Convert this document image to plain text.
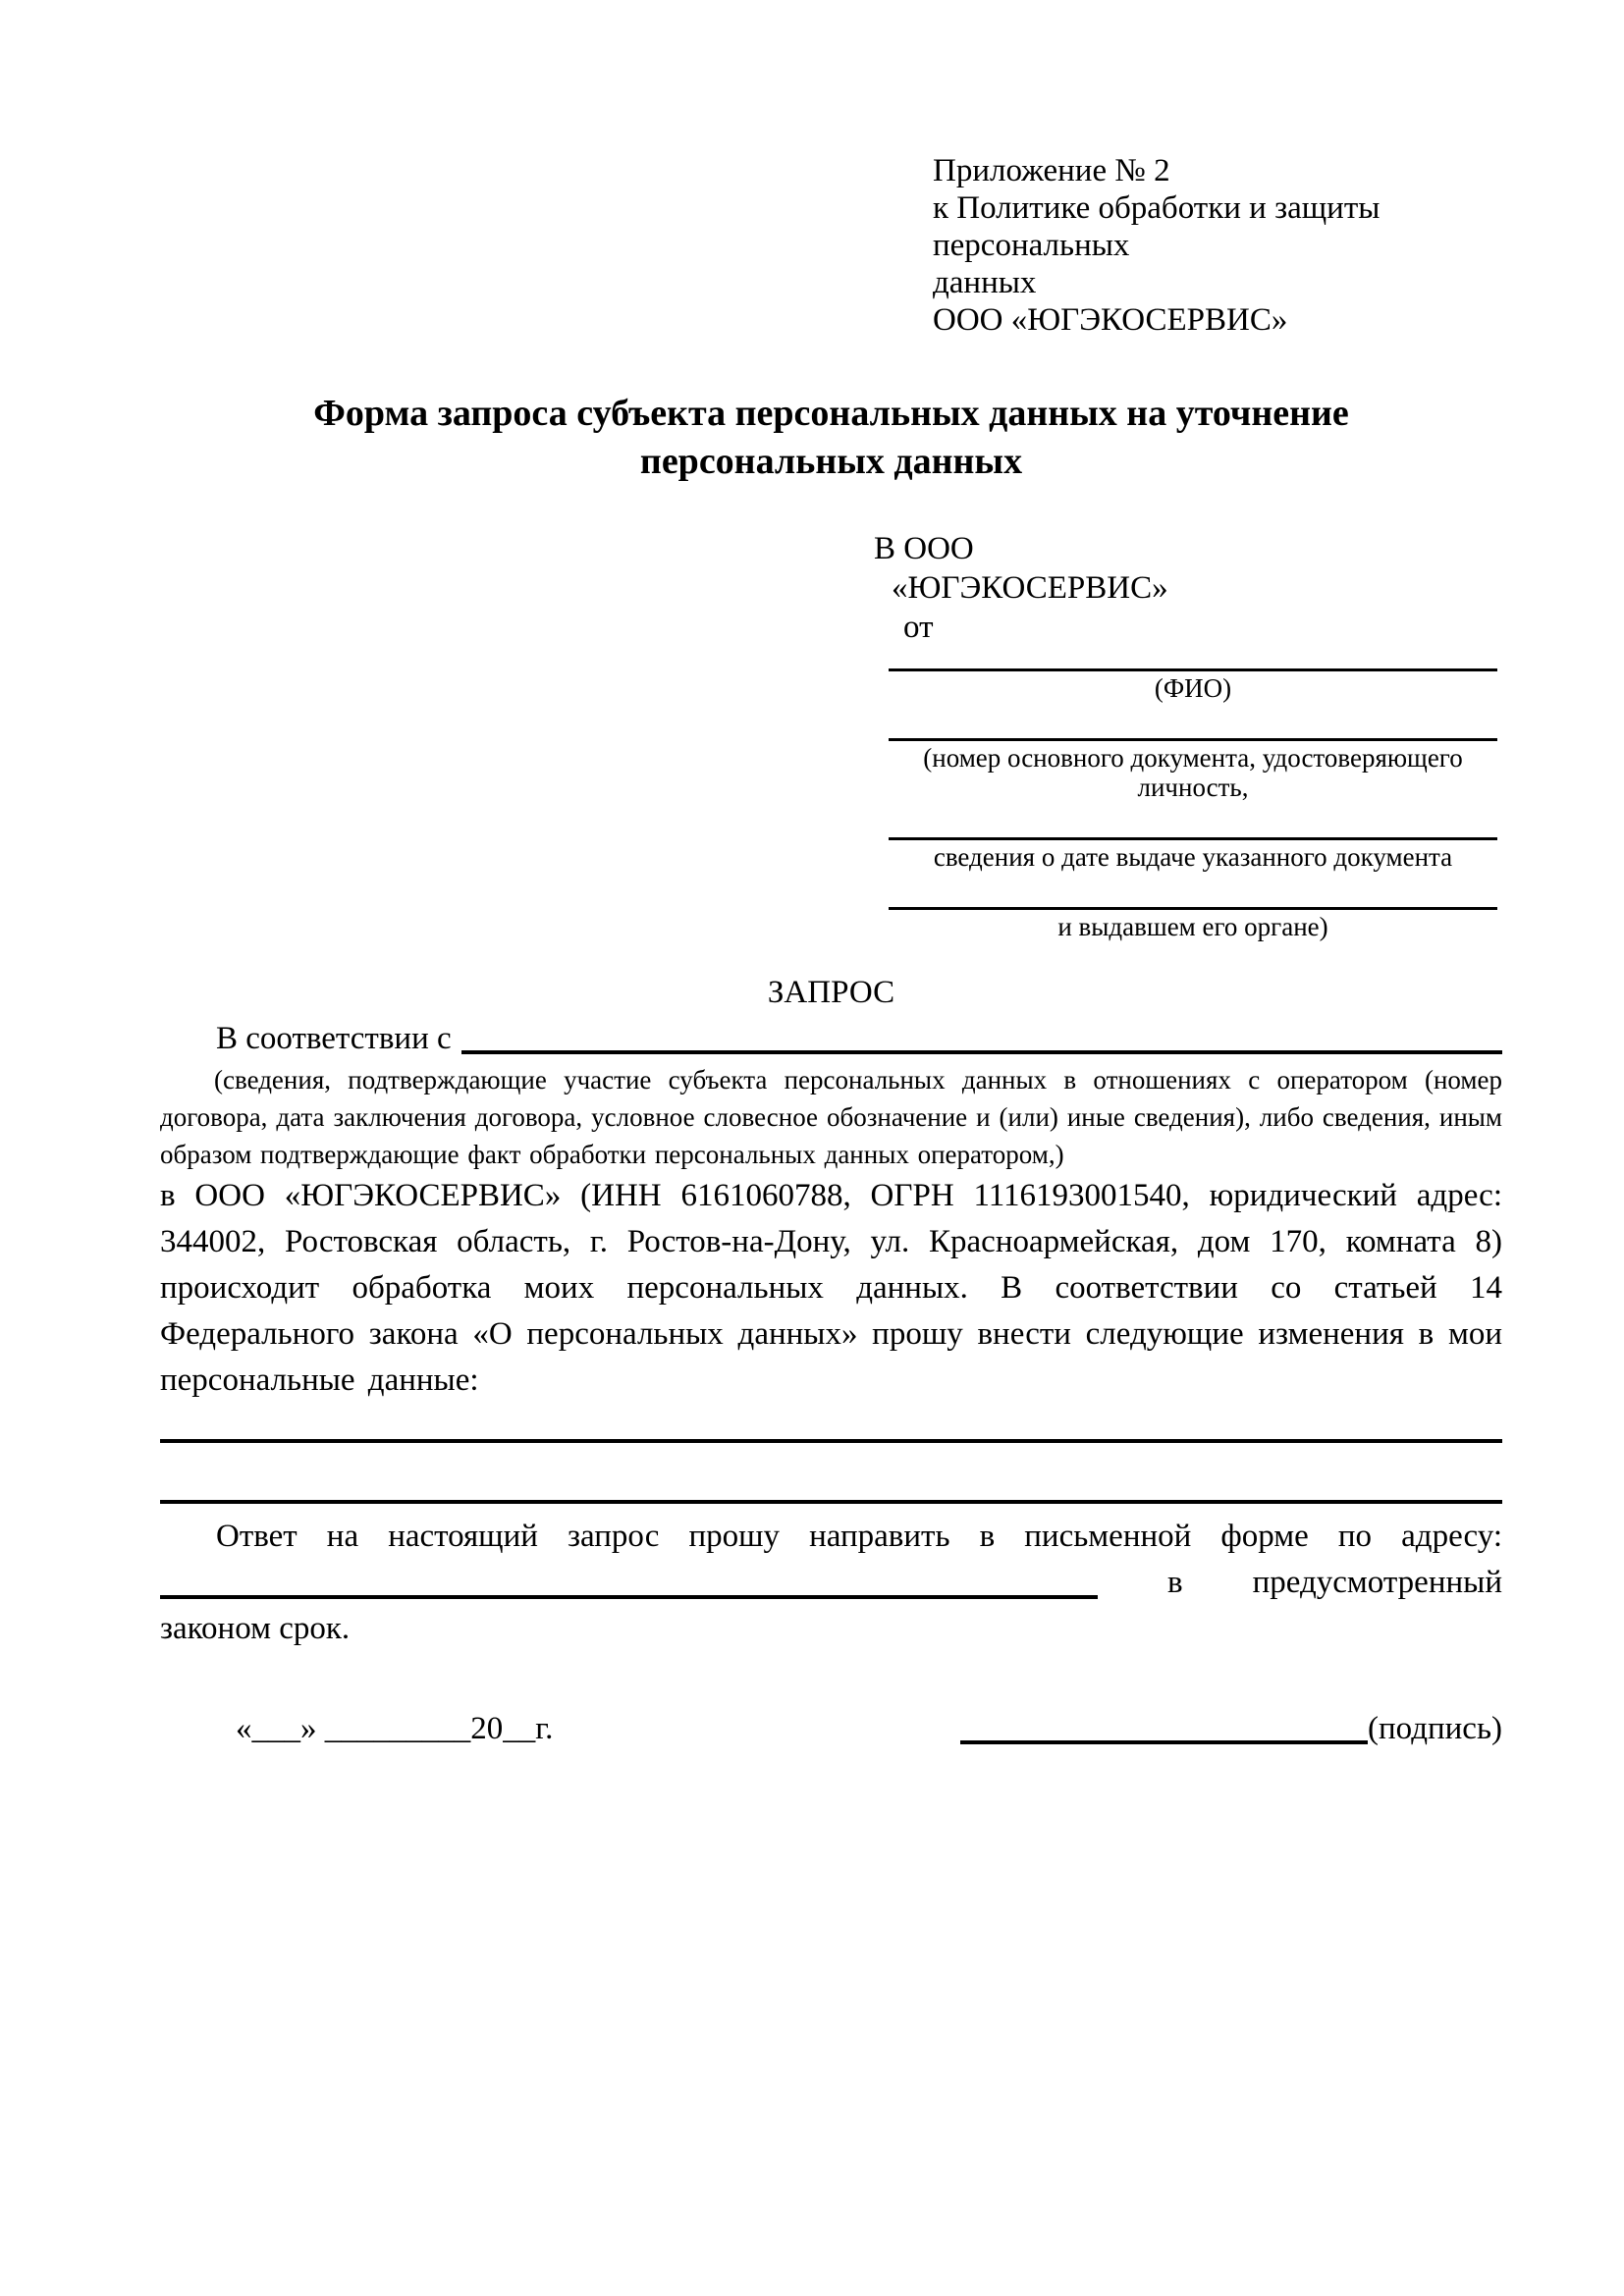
Приложение № 2
к Политике обработки и защиты персональных
данных
ООО «ЮГЭКОСЕРВИС»
Форма запроса субъекта персональных данных на уточнение
персональных данных
В ООО
«ЮГЭКОСЕРВИС»
от
(ФИО)
(номер основного документа, удостоверяющего личность,
сведения о дате выдаче указанного документа
и выдавшем его органе)
ЗАПРОС
В соответствии с
(сведения, подтверждающие участие субъекта персональных данных в отношениях с оператором (номер договора, дата заключения договора, условное словесное обозначение и (или) иные сведения), либо сведения, иным образом подтверждающие факт обработки персональных данных оператором,)
в ООО «ЮГЭКОСЕРВИС» (ИНН 6161060788, ОГРН 1116193001540, юридический адрес: 344002, Ростовская область, г. Ростов-на-Дону, ул. Красноармейская, дом 170, комната 8) происходит обработка моих персональных данных. В соответствии со статьей 14 Федерального закона «О персональных данных» прошу внести следующие изменения в мои персональные данные:
Ответ на настоящий запрос прошу направить в письменной форме по адресу:
в предусмотренный
законом срок.
«___» _________20__г.	(подпись)
